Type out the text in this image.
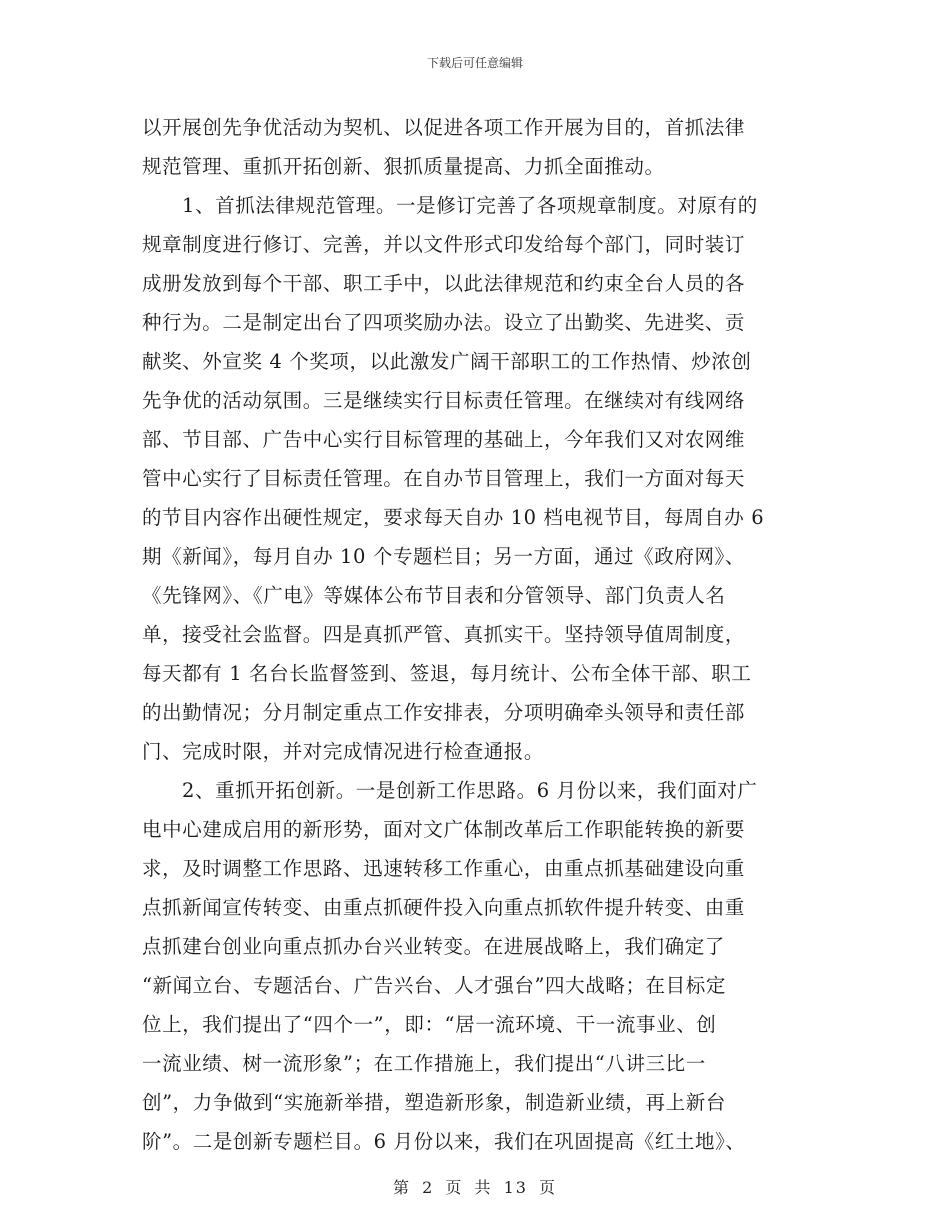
下载后可任意编辑
以开展创先争优活动为契机、以促进各项工作开展为目的，首抓法律
规范管理、重抓开拓创新、狠抓质量提高、力抓全面推动。
1、首抓法律规范管理。一是修订完善了各项规章制度。对原有的
规章制度进行修订、完善，并以文件形式印发给每个部门，同时装订
成册发放到每个干部、职工手中，以此法律规范和约束全台人员的各
种行为。二是制定出台了四项奖励办法。设立了出勤奖、先进奖、贡
献奖、外宣奖 4 个奖项，以此激发广阔干部职工的工作热情、炒浓创
先争优的活动氛围。三是继续实行目标责任管理。在继续对有线网络
部、节目部、广告中心实行目标管理的基础上，今年我们又对农网维
管中心实行了目标责任管理。在自办节目管理上，我们一方面对每天
的节目内容作出硬性规定，要求每天自办 10 档电视节目，每周自办 6
期《新闻》，每月自办 10 个专题栏目；另一方面，通过《政府网》、
《先锋网》、《广电》等媒体公布节目表和分管领导、部门负责人名
单，接受社会监督。四是真抓严管、真抓实干。坚持领导值周制度，
每天都有 1 名台长监督签到、签退，每月统计、公布全体干部、职工
的出勤情况；分月制定重点工作安排表，分项明确牵头领导和责任部
门、完成时限，并对完成情况进行检查通报。
2、重抓开拓创新。一是创新工作思路。6 月份以来，我们面对广
电中心建成启用的新形势，面对文广体制改革后工作职能转换的新要
求，及时调整工作思路、迅速转移工作重心，由重点抓基础建设向重
点抓新闻宣传转变、由重点抓硬件投入向重点抓软件提升转变、由重
点抓建台创业向重点抓办台兴业转变。在进展战略上，我们确定了
“新闻立台、专题活台、广告兴台、人才强台”四大战略；在目标定
位上，我们提出了“四个一”，即：“居一流环境、干一流事业、创
一流业绩、树一流形象”；在工作措施上，我们提出“八讲三比一
创”，力争做到“实施新举措，塑造新形象，制造新业绩，再上新台
阶”。二是创新专题栏目。6 月份以来，我们在巩固提高《红土地》、
第 2 页 共 13 页
